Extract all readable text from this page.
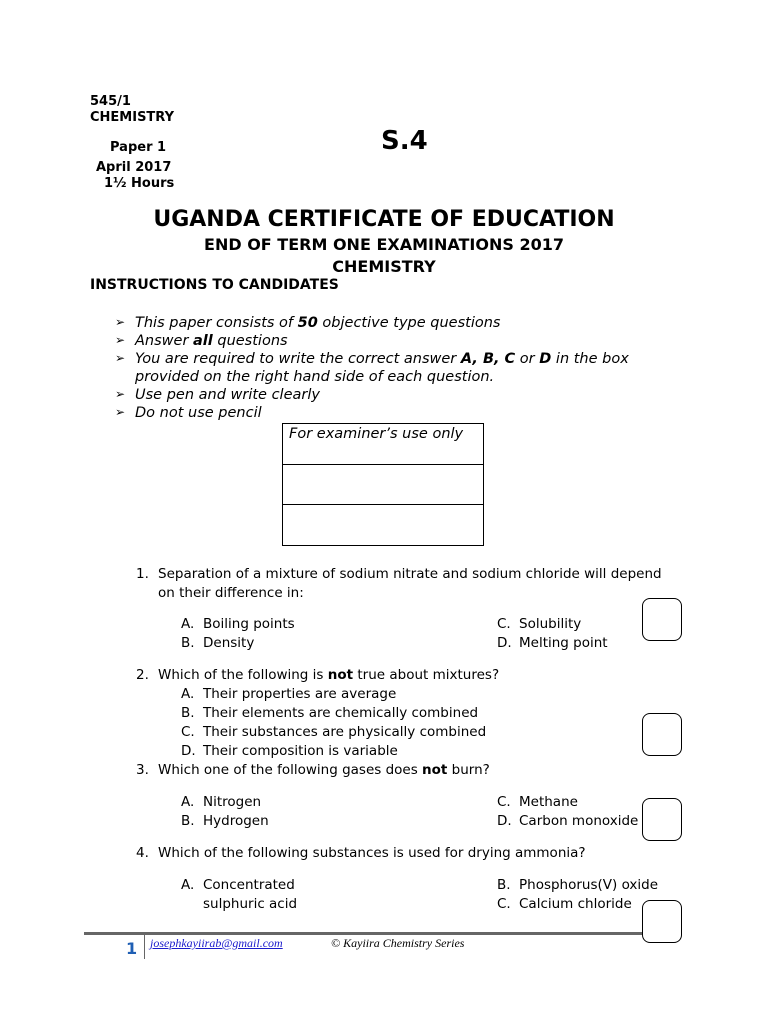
545/1
CHEMISTRY
Paper 1
April 2017
1½ Hours
S.4
UGANDA CERTIFICATE OF EDUCATION
END OF TERM ONE EXAMINATIONS 2017
CHEMISTRY
INSTRUCTIONS TO CANDIDATES
➢ This paper consists of 50 objective type questions
➢ Answer all questions
➢ You are required to write the correct answer A, B, C or D in the box
provided on the right hand side of each question.
➢ Use pen and write clearly
➢ Do not use pencil
For examiner’s use only
1. Separation of a mixture of sodium nitrate and sodium chloride will depend
on their difference in:
A. Boiling points	C. Solubility
B. Density	D. Melting point
2. Which of the following is not true about mixtures?
A. Their properties are average
B. Their elements are chemically combined
C. Their substances are physically combined
D. Their composition is variable
3. Which one of the following gases does not burn?
A. Nitrogen	C. Methane
B. Hydrogen	D. Carbon monoxide
4. Which of the following substances is used for drying ammonia?
A. Concentrated
sulphuric acid
B. Phosphorus(V) oxide
C. Calcium chloride
1 josephkayiirab@gmail.com	© Kayiira Chemistry Series
